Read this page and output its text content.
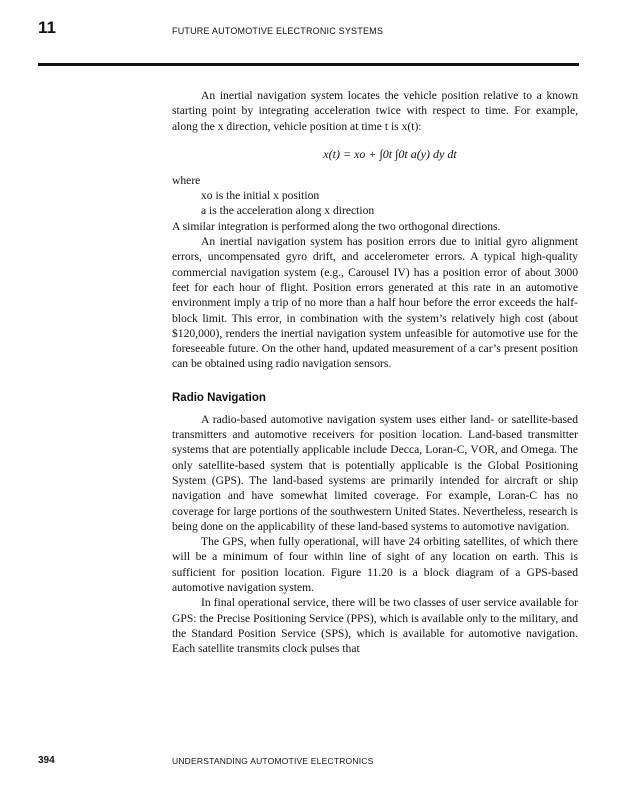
11	FUTURE AUTOMOTIVE ELECTRONIC SYSTEMS

An inertial navigation system locates the vehicle position relative to a known starting point by integrating acceleration twice with respect to time. For example, along the x direction, vehicle position at time t is x(t):

x(t) = xo + ∫0t ∫0t a(y) dy dt

where

xo is the initial x position

a is the acceleration along x direction

A similar integration is performed along the two orthogonal directions.

An inertial navigation system has position errors due to initial gyro alignment errors, uncompensated gyro drift, and accelerometer errors. A typical high-quality commercial navigation system (e.g., Carousel IV) has a position error of about 3000 feet for each hour of flight. Position errors generated at this rate in an automotive environment imply a trip of no more than a half hour before the error exceeds the half-block limit. This error, in combination with the system’s relatively high cost (about $120,000), renders the inertial navigation system unfeasible for automotive use for the foreseeable future. On the other hand, updated measurement of a car’s present position can be obtained using radio navigation sensors.

Radio Navigation

A radio-based automotive navigation system uses either land- or satellite-based transmitters and automotive receivers for position location. Land-based transmitter systems that are potentially applicable include Decca, Loran-C, VOR, and Omega. The only satellite-based system that is potentially applicable is the Global Positioning System (GPS). The land-based systems are primarily intended for aircraft or ship navigation and have somewhat limited coverage. For example, Loran-C has no coverage for large portions of the southwestern United States. Nevertheless, research is being done on the applicability of these land-based systems to automotive navigation.

The GPS, when fully operational, will have 24 orbiting satellites, of which there will be a minimum of four within line of sight of any location on earth. This is sufficient for position location. Figure 11.20 is a block diagram of a GPS-based automotive navigation system.

In final operational service, there will be two classes of user service available for GPS: the Precise Positioning Service (PPS), which is available only to the military, and the Standard Position Service (SPS), which is available for automotive navigation. Each satellite transmits clock pulses that

394	UNDERSTANDING AUTOMOTIVE ELECTRONICS
